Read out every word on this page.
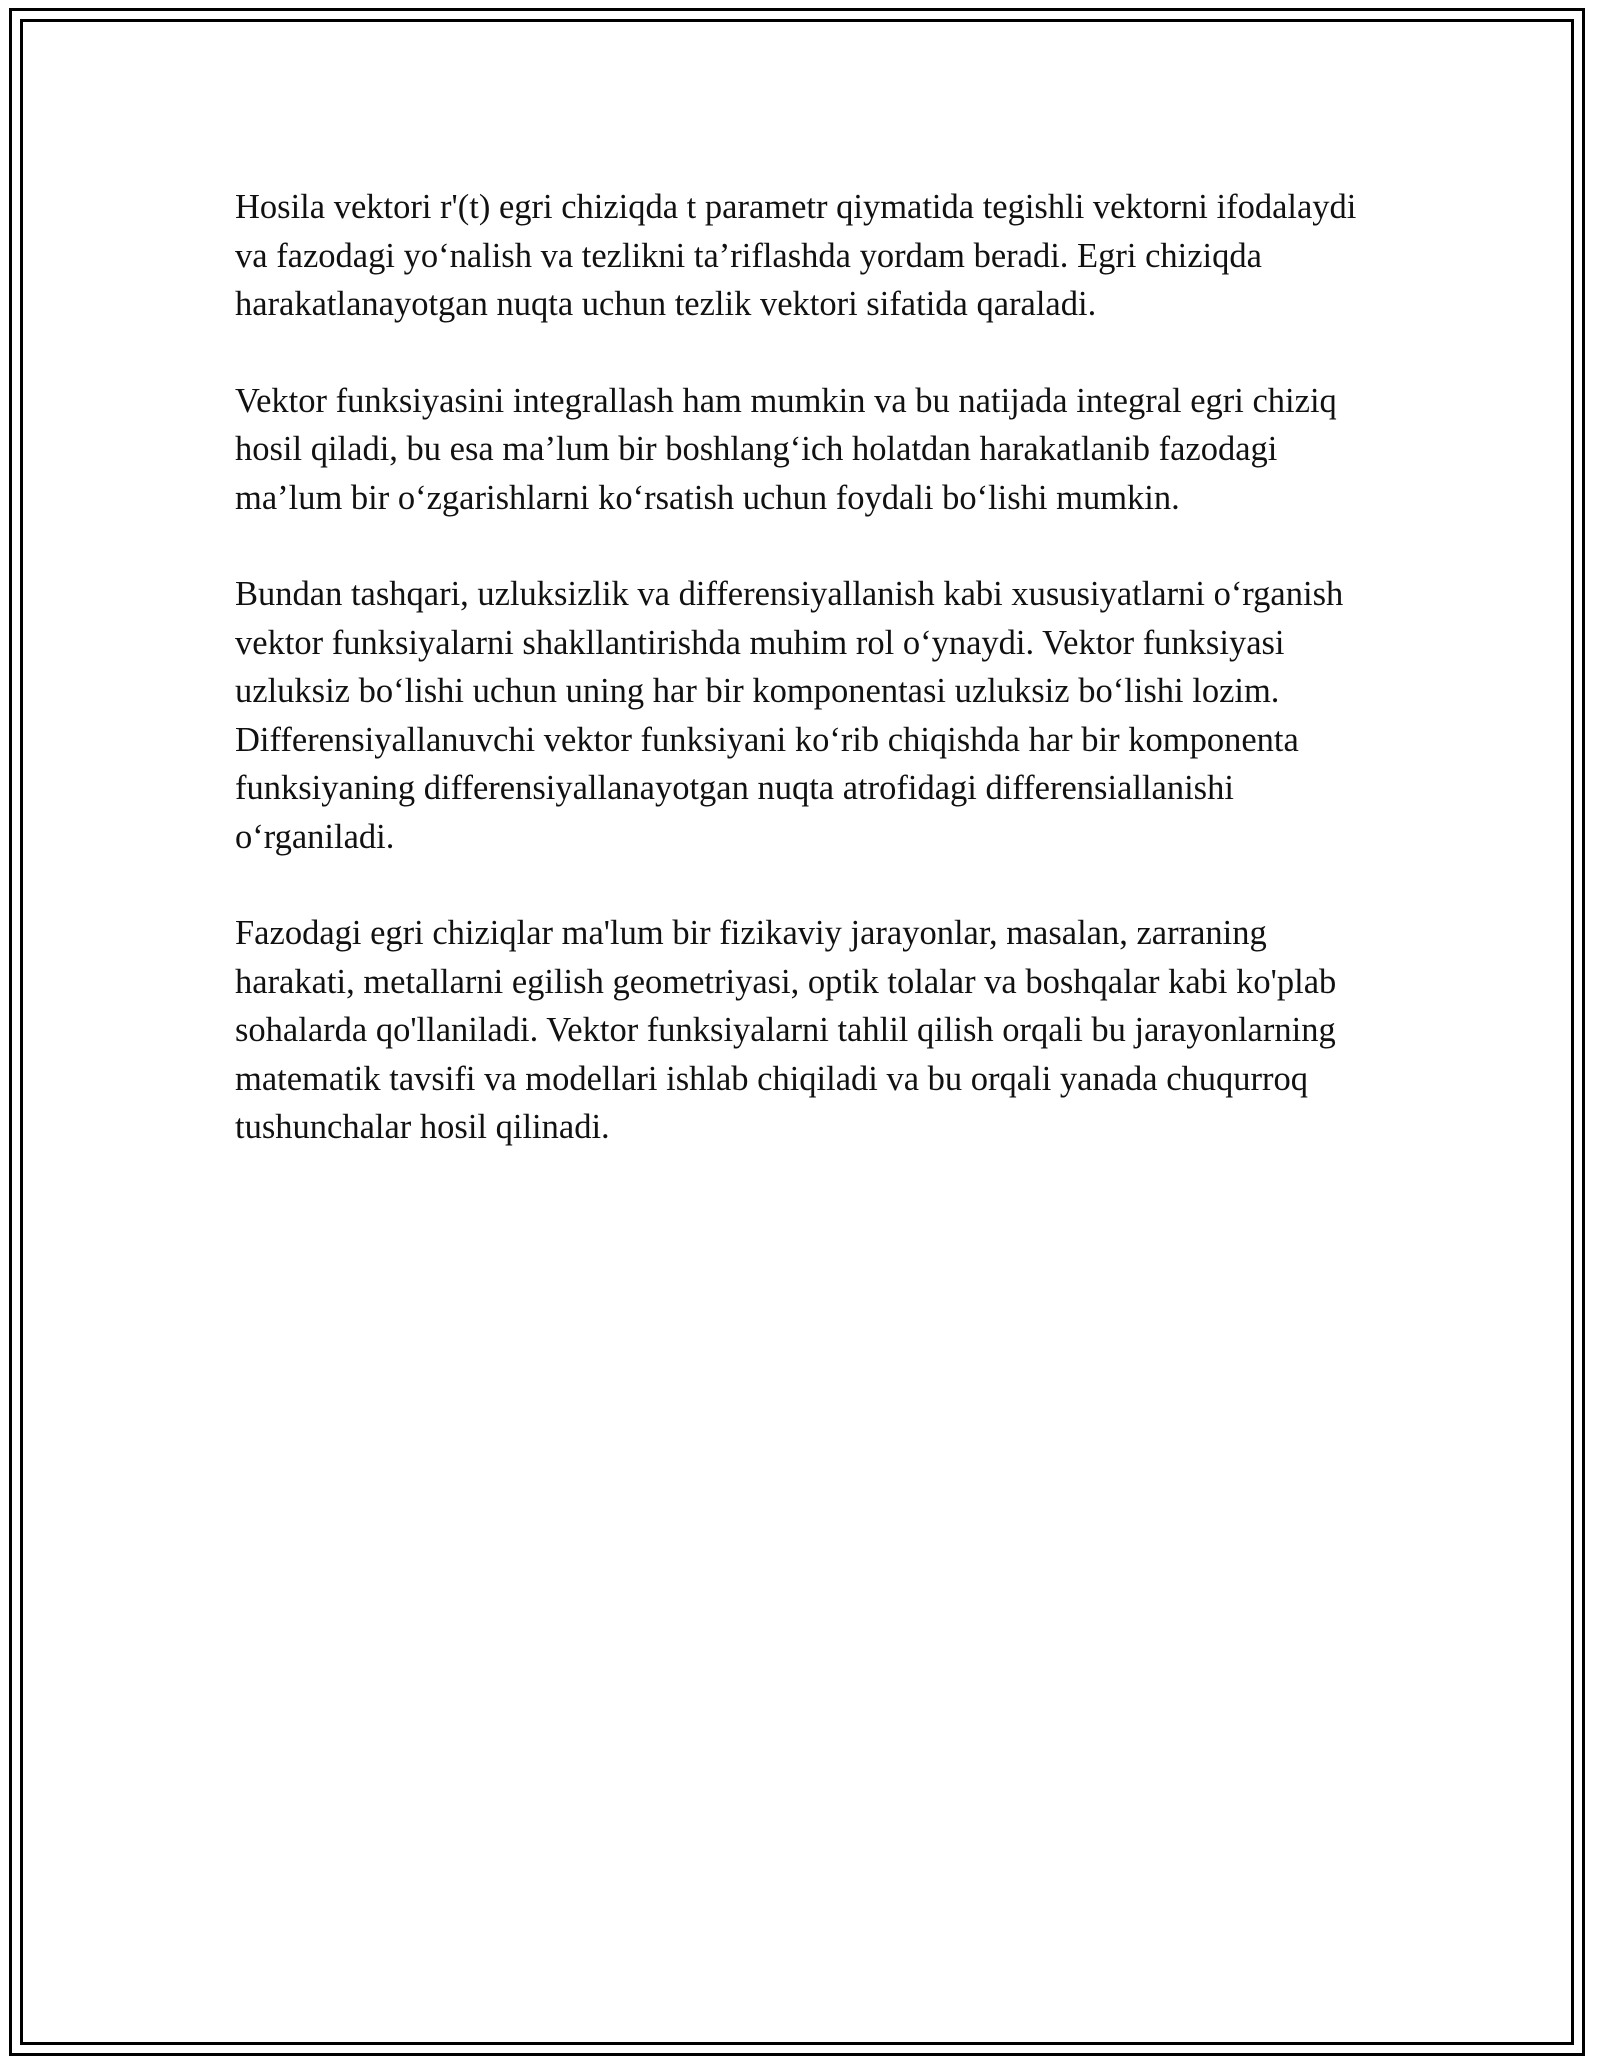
Hosila vektori r'(t) egri chiziqda t parametr qiymatida tegishli vektorni ifodalaydi va fazodagi yo‘nalish va tezlikni ta’riflashda yordam beradi. Egri chiziqda harakatlanayotgan nuqta uchun tezlik vektori sifatida qaraladi.

Vektor funksiyasini integrallash ham mumkin va bu natijada integral egri chiziq hosil qiladi, bu esa ma’lum bir boshlang‘ich holatdan harakatlanib fazodagi ma’lum bir o‘zgarishlarni ko‘rsatish uchun foydali bo‘lishi mumkin.

Bundan tashqari, uzluksizlik va differensiyallanish kabi xususiyatlarni o‘rganish vektor funksiyalarni shakllantirishda muhim rol o‘ynaydi. Vektor funksiyasi uzluksiz bo‘lishi uchun uning har bir komponentasi uzluksiz bo‘lishi lozim. Differensiyallanuvchi vektor funksiyani ko‘rib chiqishda har bir komponenta funksiyaning differensiyallanayotgan nuqta atrofidagi differensiallanishi o‘rganiladi.

Fazodagi egri chiziqlar ma'lum bir fizikaviy jarayonlar, masalan, zarraning harakati, metallarni egilish geometriyasi, optik tolalar va boshqalar kabi ko'plab sohalarda qo'llaniladi. Vektor funksiyalarni tahlil qilish orqali bu jarayonlarning matematik tavsifi va modellari ishlab chiqiladi va bu orqali yanada chuqurroq tushunchalar hosil qilinadi.
